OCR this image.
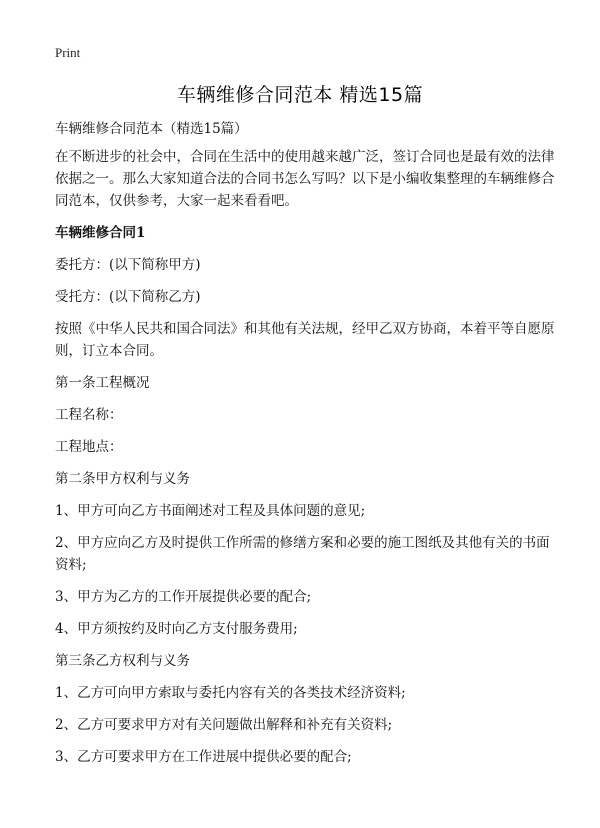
Print
车辆维修合同范本 精选15篇

车辆维修合同范本（精选15篇）

在不断进步的社会中，合同在生活中的使用越来越广泛，签订合同也是最有效的法律依据之一。那么大家知道合法的合同书怎么写吗？以下是小编收集整理的车辆维修合同范本，仅供参考，大家一起来看看吧。

车辆维修合同1

委托方：(以下简称甲方)

受托方：(以下简称乙方)

按照《中华人民共和国合同法》和其他有关法规，经甲乙双方协商，本着平等自愿原则，订立本合同。

第一条工程概况

工程名称：

工程地点：

第二条甲方权利与义务

1、甲方可向乙方书面阐述对工程及具体问题的意见;

2、甲方应向乙方及时提供工作所需的修缮方案和必要的施工图纸及其他有关的书面资料;

3、甲方为乙方的工作开展提供必要的配合;

4、甲方须按约及时向乙方支付服务费用;

第三条乙方权利与义务

1、乙方可向甲方索取与委托内容有关的各类技术经济资料;

2、乙方可要求甲方对有关问题做出解释和补充有关资料;

3、乙方可要求甲方在工作进展中提供必要的配合;
